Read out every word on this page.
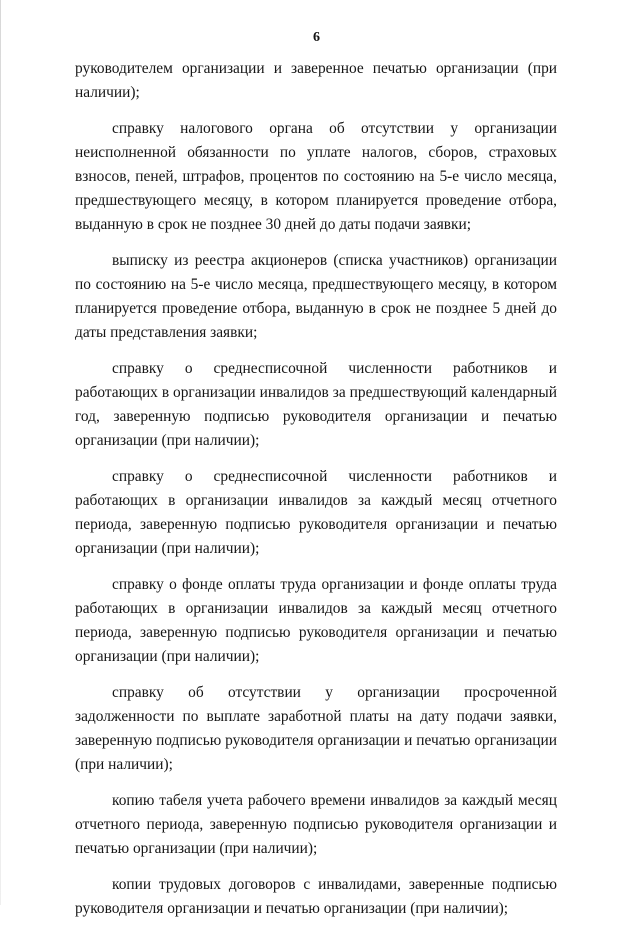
6

руководителем организации и заверенное печатью организации (при наличии);

справку налогового органа об отсутствии у организации неисполненной обязанности по уплате налогов, сборов, страховых взносов, пеней, штрафов, процентов по состоянию на 5-е число месяца, предшествующего месяцу, в котором планируется проведение отбора, выданную в срок не позднее 30 дней до даты подачи заявки;

выписку из реестра акционеров (списка участников) организации по состоянию на 5-е число месяца, предшествующего месяцу, в котором планируется проведение отбора, выданную в срок не позднее 5 дней до даты представления заявки;

справку о среднесписочной численности работников и работающих в организации инвалидов за предшествующий календарный год, заверенную подписью руководителя организации и печатью организации (при наличии);

справку о среднесписочной численности работников и работающих в организации инвалидов за каждый месяц отчетного периода, заверенную подписью руководителя организации и печатью организации (при наличии);

справку о фонде оплаты труда организации и фонде оплаты труда работающих в организации инвалидов за каждый месяц отчетного периода, заверенную подписью руководителя организации и печатью организации (при наличии);

справку об отсутствии у организации просроченной задолженности по выплате заработной платы на дату подачи заявки, заверенную подписью руководителя организации и печатью организации (при наличии);

копию табеля учета рабочего времени инвалидов за каждый месяц отчетного периода, заверенную подписью руководителя организации и печатью организации (при наличии);

копии трудовых договоров с инвалидами, заверенные подписью руководителя организации и печатью организации (при наличии);
